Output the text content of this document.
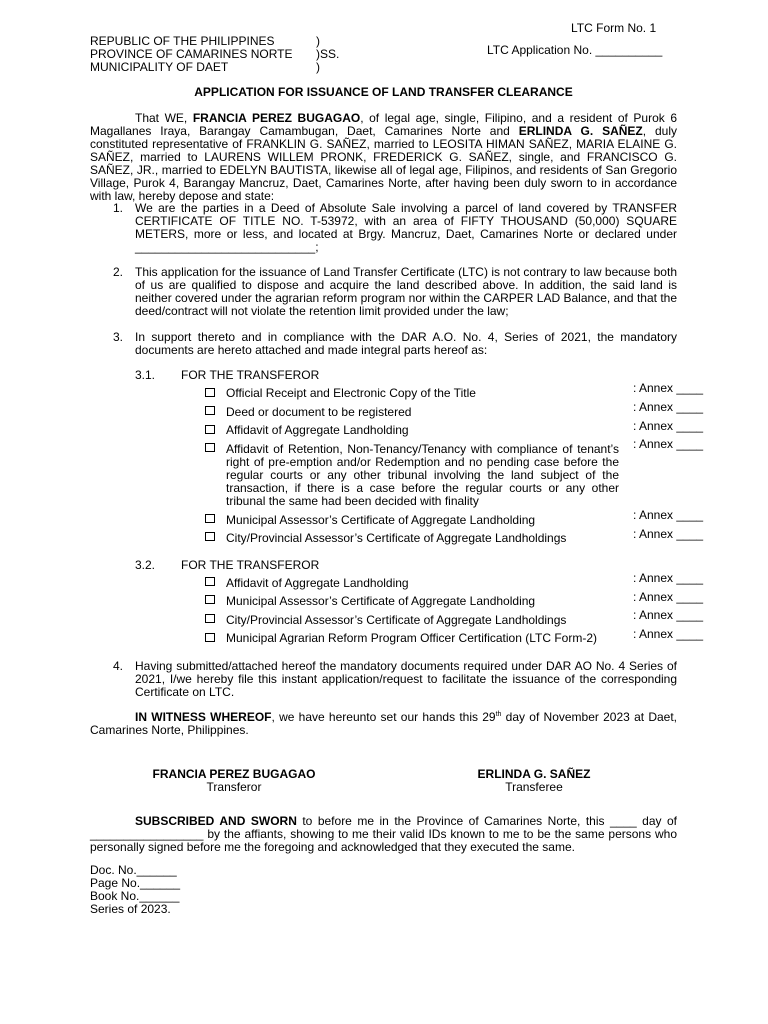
LTC Form No. 1
LTC Application No. __________
REPUBLIC OF THE PHILIPPINES
PROVINCE OF CAMARINES NORTE
MUNICIPALITY OF DAET
)
)SS.
)
APPLICATION FOR ISSUANCE OF LAND TRANSFER CLEARANCE
That WE, FRANCIA PEREZ BUGAGAO, of legal age, single, Filipino, and a resident of Purok 6 Magallanes Iraya, Barangay Camambugan, Daet, Camarines Norte and ERLINDA G. SAÑEZ, duly constituted representative of FRANKLIN G. SAÑEZ, married to LEOSITA HIMAN SAÑEZ, MARIA ELAINE G. SAÑEZ, married to LAURENS WILLEM PRONK, FREDERICK G. SAÑEZ, single, and FRANCISCO G. SAÑEZ, JR., married to EDELYN BAUTISTA, likewise all of legal age, Filipinos, and residents of San Gregorio Village, Purok 4, Barangay Mancruz, Daet, Camarines Norte, after having been duly sworn to in accordance with law, hereby depose and state:
1. We are the parties in a Deed of Absolute Sale involving a parcel of land covered by TRANSFER CERTIFICATE OF TITLE NO. T-53972, with an area of FIFTY THOUSAND (50,000) SQUARE METERS, more or less, and located at Brgy. Mancruz, Daet, Camarines Norte or declared under ___________________________;
2. This application for the issuance of Land Transfer Certificate (LTC) is not contrary to law because both of us are qualified to dispose and acquire the land described above. In addition, the said land is neither covered under the agrarian reform program nor within the CARPER LAD Balance, and that the deed/contract will not violate the retention limit provided under the law;
3. In support thereto and in compliance with the DAR A.O. No. 4, Series of 2021, the mandatory documents are hereto attached and made integral parts hereof as:
3.1. FOR THE TRANSFEROR
Official Receipt and Electronic Copy of the Title	: Annex ____
Deed or document to be registered	: Annex ____
Affidavit of Aggregate Landholding	: Annex ____
Affidavit of Retention, Non-Tenancy/Tenancy with compliance of tenant’s right of pre-emption and/or Redemption and no pending case before the regular courts or any other tribunal involving the land subject of the transaction, if there is a case before the regular courts or any other tribunal the same had been decided with finality
: Annex ____
Municipal Assessor’s Certificate of Aggregate Landholding	: Annex ____
City/Provincial Assessor’s Certificate of Aggregate Landholdings	: Annex ____
3.2. FOR THE TRANSFEROR
Affidavit of Aggregate Landholding	: Annex ____
Municipal Assessor’s Certificate of Aggregate Landholding	: Annex ____
City/Provincial Assessor’s Certificate of Aggregate Landholdings	: Annex ____
Municipal Agrarian Reform Program Officer Certification (LTC Form-2)	: Annex ____
4. Having submitted/attached hereof the mandatory documents required under DAR AO No. 4 Series of 2021, I/we hereby file this instant application/request to facilitate the issuance of the corresponding Certificate on LTC.
IN WITNESS WHEREOF, we have hereunto set our hands this 29th day of November 2023 at Daet, Camarines Norte, Philippines.
FRANCIA PEREZ BUGAGAO
Transferor
ERLINDA G. SAÑEZ
Transferee
SUBSCRIBED AND SWORN to before me in the Province of Camarines Norte, this ____ day of _________________ by the affiants, showing to me their valid IDs known to me to be the same persons who personally signed before me the foregoing and acknowledged that they executed the same.
Doc. No.______
Page No.______
Book No.______
Series of 2023.
